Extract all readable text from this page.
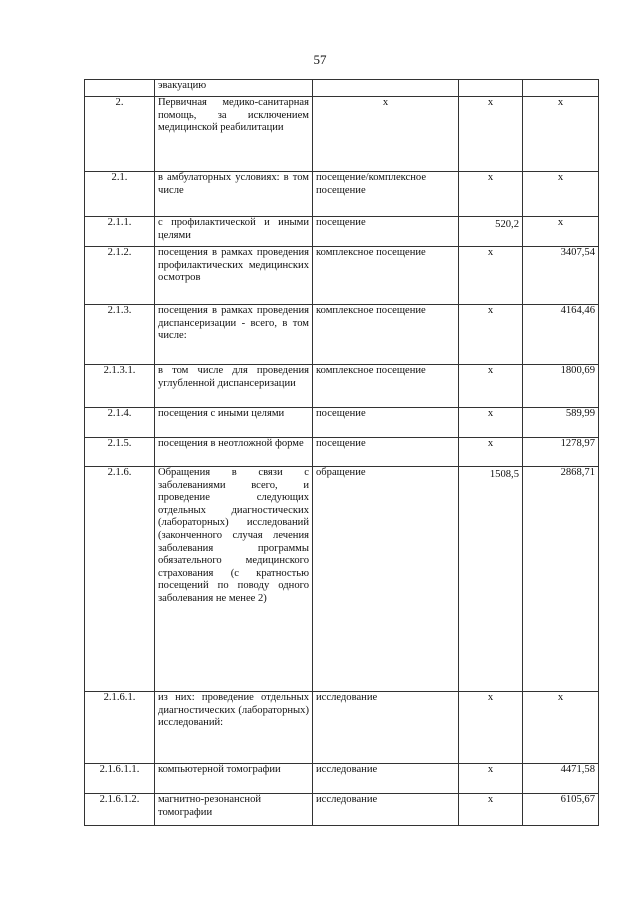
57
	эвакуацию			
2.	Первичная медико-санитарная помощь, за исключением медицинской реабилитации	х	х	х
2.1.	в амбулаторных условиях: в том числе	посещение/комплексное посещение	х	х
2.1.1.	с профилактической и иными целями	посещение	520,2	х
2.1.2.	посещения в рамках проведения профилактических медицинских осмотров	комплексное посещение	х	3407,54
2.1.3.	посещения в рамках проведения диспансеризации - всего, в том числе:	комплексное посещение	х	4164,46
2.1.3.1.	в том числе для проведения углубленной диспансеризации	комплексное посещение	х	1800,69
2.1.4.	посещения с иными целями	посещение	х	589,99
2.1.5.	посещения в неотложной форме	посещение	х	1278,97
2.1.6.	Обращения в связи с заболеваниями всего, и проведение следующих отдельных диагностических (лабораторных) исследований (законченного случая лечения заболевания программы обязательного медицинского страхования (с кратностью посещений по поводу одного заболевания не менее 2)	обращение	1508,5	2868,71
2.1.6.1.	из них: проведение отдельных диагностических (лабораторных) исследований:	исследование	х	х
2.1.6.1.1.	компьютерной томографии	исследование	х	4471,58
2.1.6.1.2.	магнитно-резонансной томографии	исследование	х	6105,67
